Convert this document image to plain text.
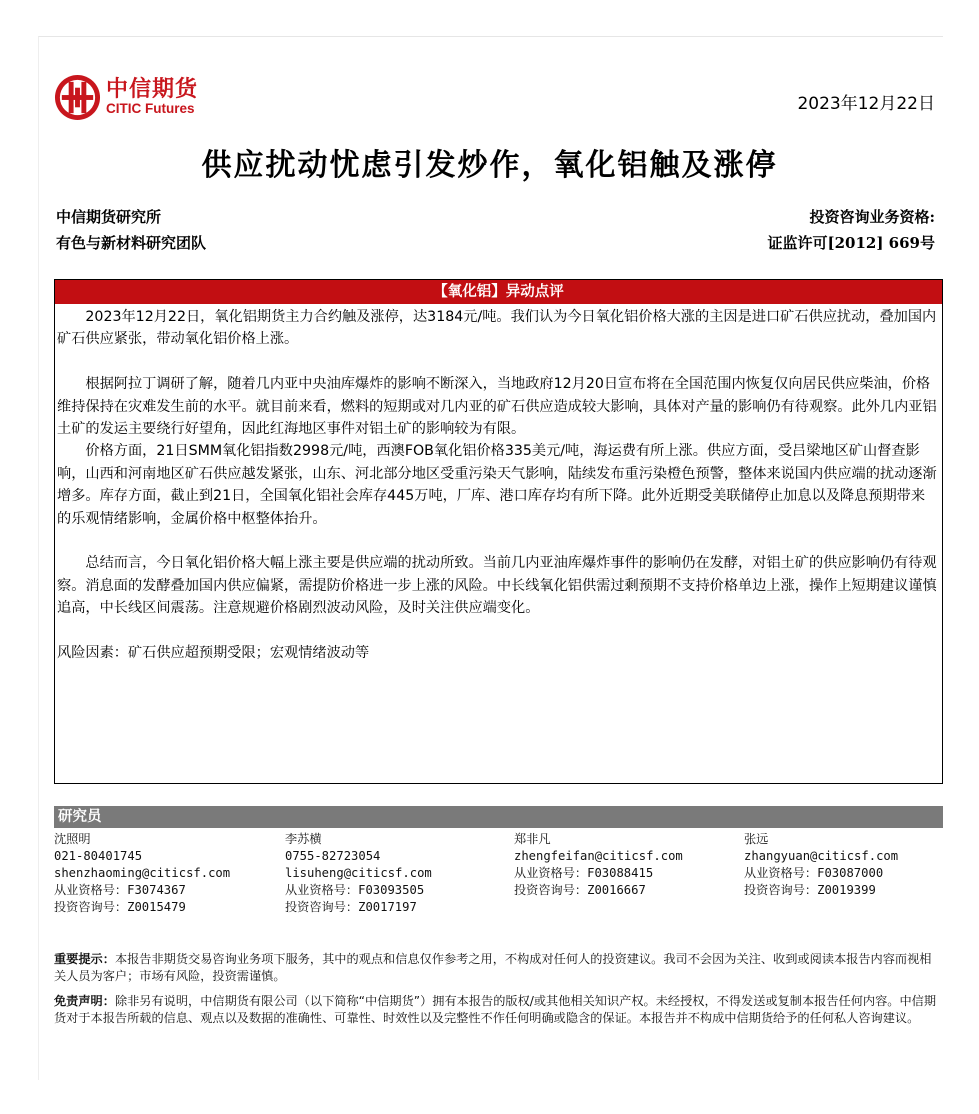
中信期货
CITIC Futures	2023年12月22日
供应扰动忧虑引发炒作，氧化铝触及涨停
中信期货研究所
有色与新材料研究团队
投资咨询业务资格:
证监许可[2012] 669号
【氧化铝】异动点评

2023年12月22日，氧化铝期货主力合约触及涨停，达3184元/吨。我们认为今日氧化铝价格大涨的主因是进口矿石供应扰动，叠加国内矿石供应紧张，带动氧化铝价格上涨。

根据阿拉丁调研了解，随着几内亚中央油库爆炸的影响不断深入，当地政府12月20日宣布将在全国范围内恢复仅向居民供应柴油，价格维持保持在灾难发生前的水平。就目前来看，燃料的短期或对几内亚的矿石供应造成较大影响，具体对产量的影响仍有待观察。此外几内亚铝土矿的发运主要绕行好望角，因此红海地区事件对铝土矿的影响较为有限。

价格方面，21日SMM氧化铝指数2998元/吨，西澳FOB氧化铝价格335美元/吨，海运费有所上涨。供应方面，受吕梁地区矿山督查影响，山西和河南地区矿石供应越发紧张，山东、河北部分地区受重污染天气影响，陆续发布重污染橙色预警，整体来说国内供应端的扰动逐渐增多。库存方面，截止到21日，全国氧化铝社会库存445万吨，厂库、港口库存均有所下降。此外近期受美联储停止加息以及降息预期带来的乐观情绪影响，金属价格中枢整体抬升。

总结而言，今日氧化铝价格大幅上涨主要是供应端的扰动所致。当前几内亚油库爆炸事件的影响仍在发酵，对铝土矿的供应影响仍有待观察。消息面的发酵叠加国内供应偏紧，需提防价格进一步上涨的风险。中长线氧化铝供需过剩预期不支持价格单边上涨，操作上短期建议谨慎追高，中长线区间震荡。注意规避价格剧烈波动风险，及时关注供应端变化。

风险因素：矿石供应超预期受限；宏观情绪波动等

研究员
沈照明
021-80401745
shenzhaoming@citicsf.com
从业资格号：F3074367
投资咨询号：Z0015479
李苏横
0755-82723054
lisuheng@citicsf.com
从业资格号：F03093505
投资咨询号：Z0017197
郑非凡
zhengfeifan@citicsf.com
从业资格号：F03088415
投资咨询号：Z0016667
张远
zhangyuan@citicsf.com
从业资格号：F03087000
投资咨询号：Z0019399
重要提示：本报告非期货交易咨询业务项下服务，其中的观点和信息仅作参考之用，不构成对任何人的投资建议。我司不会因为关注、收到或阅读本报告内容而视相关人员为客户；市场有风险，投资需谨慎。
免责声明：除非另有说明，中信期货有限公司（以下简称“中信期货”）拥有本报告的版权/或其他相关知识产权。未经授权，不得发送或复制本报告任何内容。中信期货对于本报告所载的信息、观点以及数据的准确性、可靠性、时效性以及完整性不作任何明确或隐含的保证。本报告并不构成中信期货给予的任何私人咨询建议。
